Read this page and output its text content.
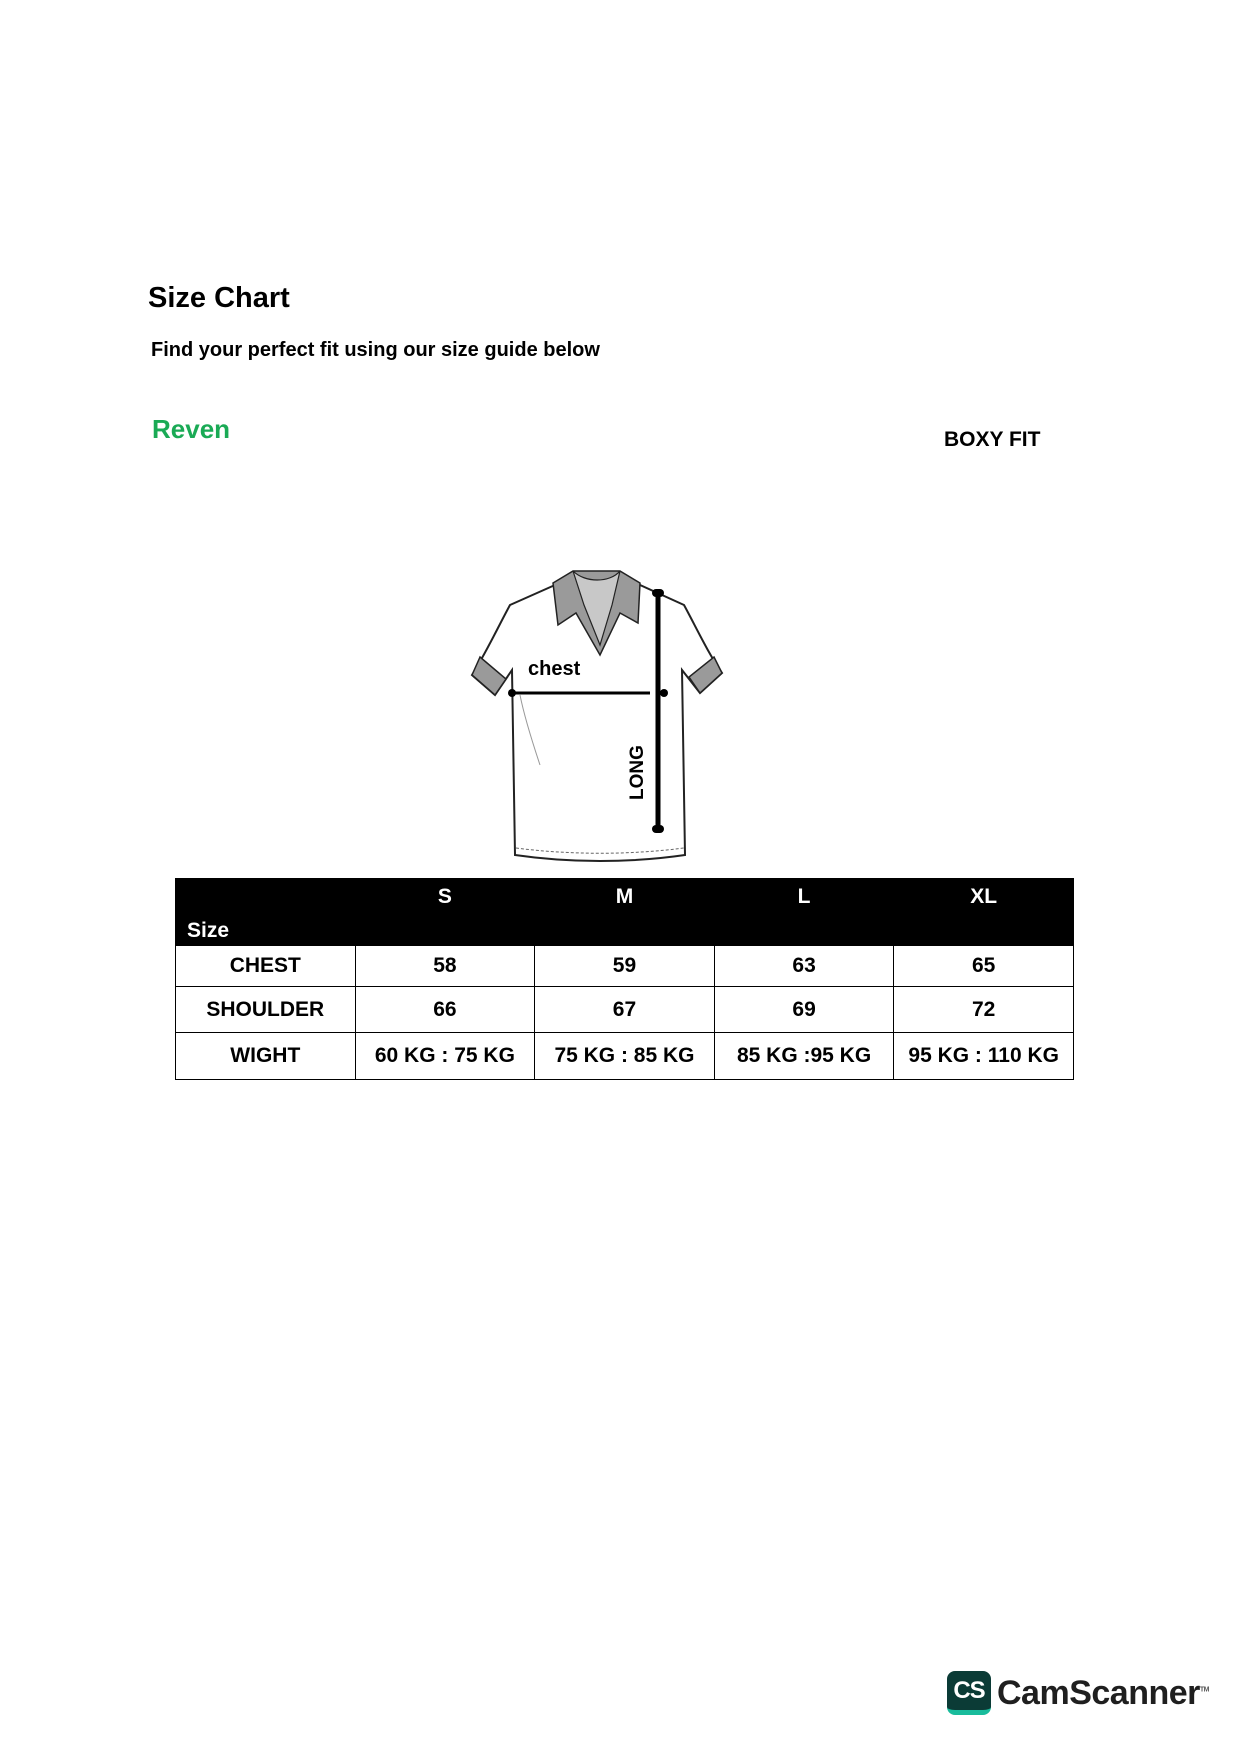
Size Chart
Find your perfect fit using our size guide below
Reven	BOXY FIT
chest
LONG
Size	S	M	L	XL
CHEST	58	59	63	65
SHOULDER	66	67	69	72
WIGHT	60 KG : 75 KG	75 KG : 85 KG	85 KG :95 KG	95 KG : 110 KG
CS CamScanner™
